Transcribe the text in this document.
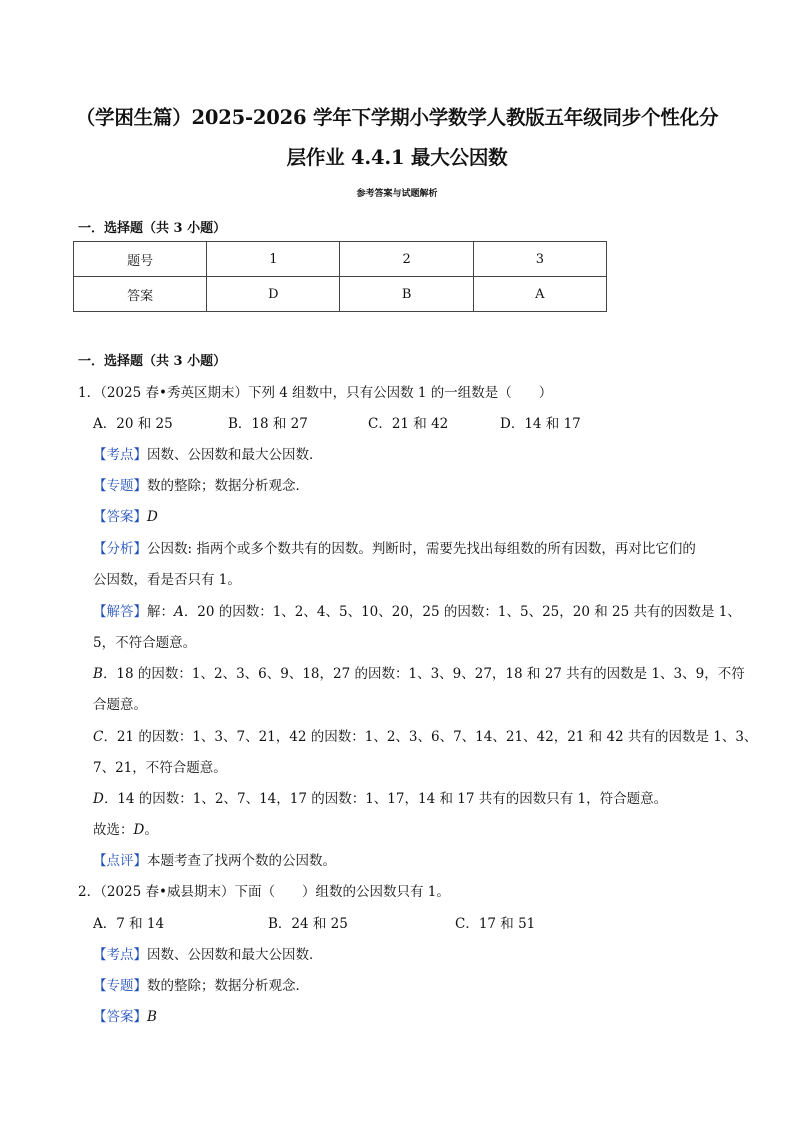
（学困生篇）2025-2026 学年下学期小学数学人教版五年级同步个性化分
层作业 4.4.1 最大公因数
参考答案与试题解析
一．选择题（共 3 小题）
题号	1	2	3
答案	D	B	A
一．选择题（共 3 小题）
1．（2025 春•秀英区期末）下列 4 组数中，只有公因数 1 的一组数是（　　）
A．20 和 25	B．18 和 27	C．21 和 42	D．14 和 17
【考点】因数、公因数和最大公因数．
【专题】数的整除；数据分析观念．
【答案】D
【分析】公因数: 指两个或多个数共有的因数。判断时，需要先找出每组数的所有因数，再对比它们的
公因数，看是否只有 1。
【解答】解：A．20 的因数：1、2、4、5、10、20，25 的因数：1、5、25，20 和 25 共有的因数是 1、
5，不符合题意。
B．18 的因数：1、2、3、6、9、18，27 的因数：1、3、9、27，18 和 27 共有的因数是 1、3、9，不符
合题意。
C．21 的因数：1、3、7、21，42 的因数：1、2、3、6、7、14、21、42，21 和 42 共有的因数是 1、3、
7、21，不符合题意。
D．14 的因数：1、2、7、14，17 的因数：1、17，14 和 17 共有的因数只有 1，符合题意。
故选：D。
【点评】本题考查了找两个数的公因数。
2．（2025 春•威县期末）下面（　　）组数的公因数只有 1。
A．7 和 14	B．24 和 25	C．17 和 51
【考点】因数、公因数和最大公因数．
【专题】数的整除；数据分析观念．
【答案】B
